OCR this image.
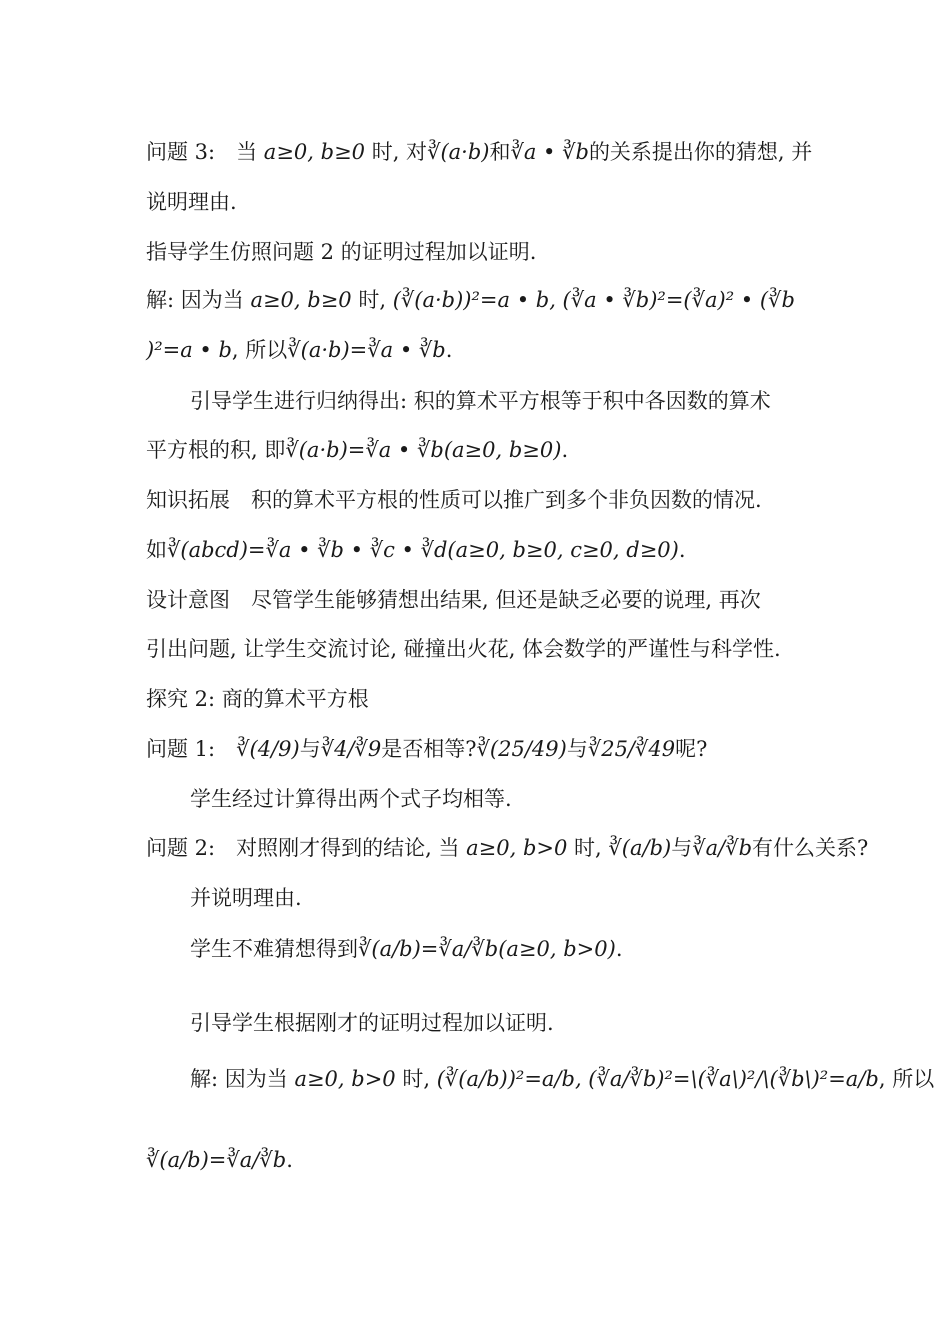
问题 3:　当 a≥0, b≥0 时, 对∛(a·b)和∛a • ∛b的关系提出你的猜想, 并
说明理由.
指导学生仿照问题 2 的证明过程加以证明.
解: 因为当 a≥0, b≥0 时, (∛(a·b))²=a • b, (∛a • ∛b)²=(∛a)² • (∛b
)²=a • b, 所以∛(a·b)=∛a • ∛b.
引导学生进行归纳得出: 积的算术平方根等于积中各因数的算术
平方根的积, 即∛(a·b)=∛a • ∛b(a≥0, b≥0).
知识拓展　积的算术平方根的性质可以推广到多个非负因数的情况.
如∛(abcd)=∛a • ∛b • ∛c • ∛d(a≥0, b≥0, c≥0, d≥0).
设计意图　尽管学生能够猜想出结果, 但还是缺乏必要的说理, 再次
引出问题, 让学生交流讨论, 碰撞出火花, 体会数学的严谨性与科学性.
探究 2: 商的算术平方根
问题 1:　∛(4/9)与∛4/∛9是否相等?∛(25/49)与∛25/∛49呢?
学生经过计算得出两个式子均相等.
问题 2:　对照刚才得到的结论, 当 a≥0, b>0 时, ∛(a/b)与∛a/∛b有什么关系?
并说明理由.
学生不难猜想得到∛(a/b)=∛a/∛b(a≥0, b>0).
引导学生根据刚才的证明过程加以证明.
解: 因为当 a≥0, b>0 时, (∛(a/b))²=a/b, (∛a/∛b)²=\(∛a\)²/\(∛b\)²=a/b, 所以
∛(a/b)=∛a/∛b.
